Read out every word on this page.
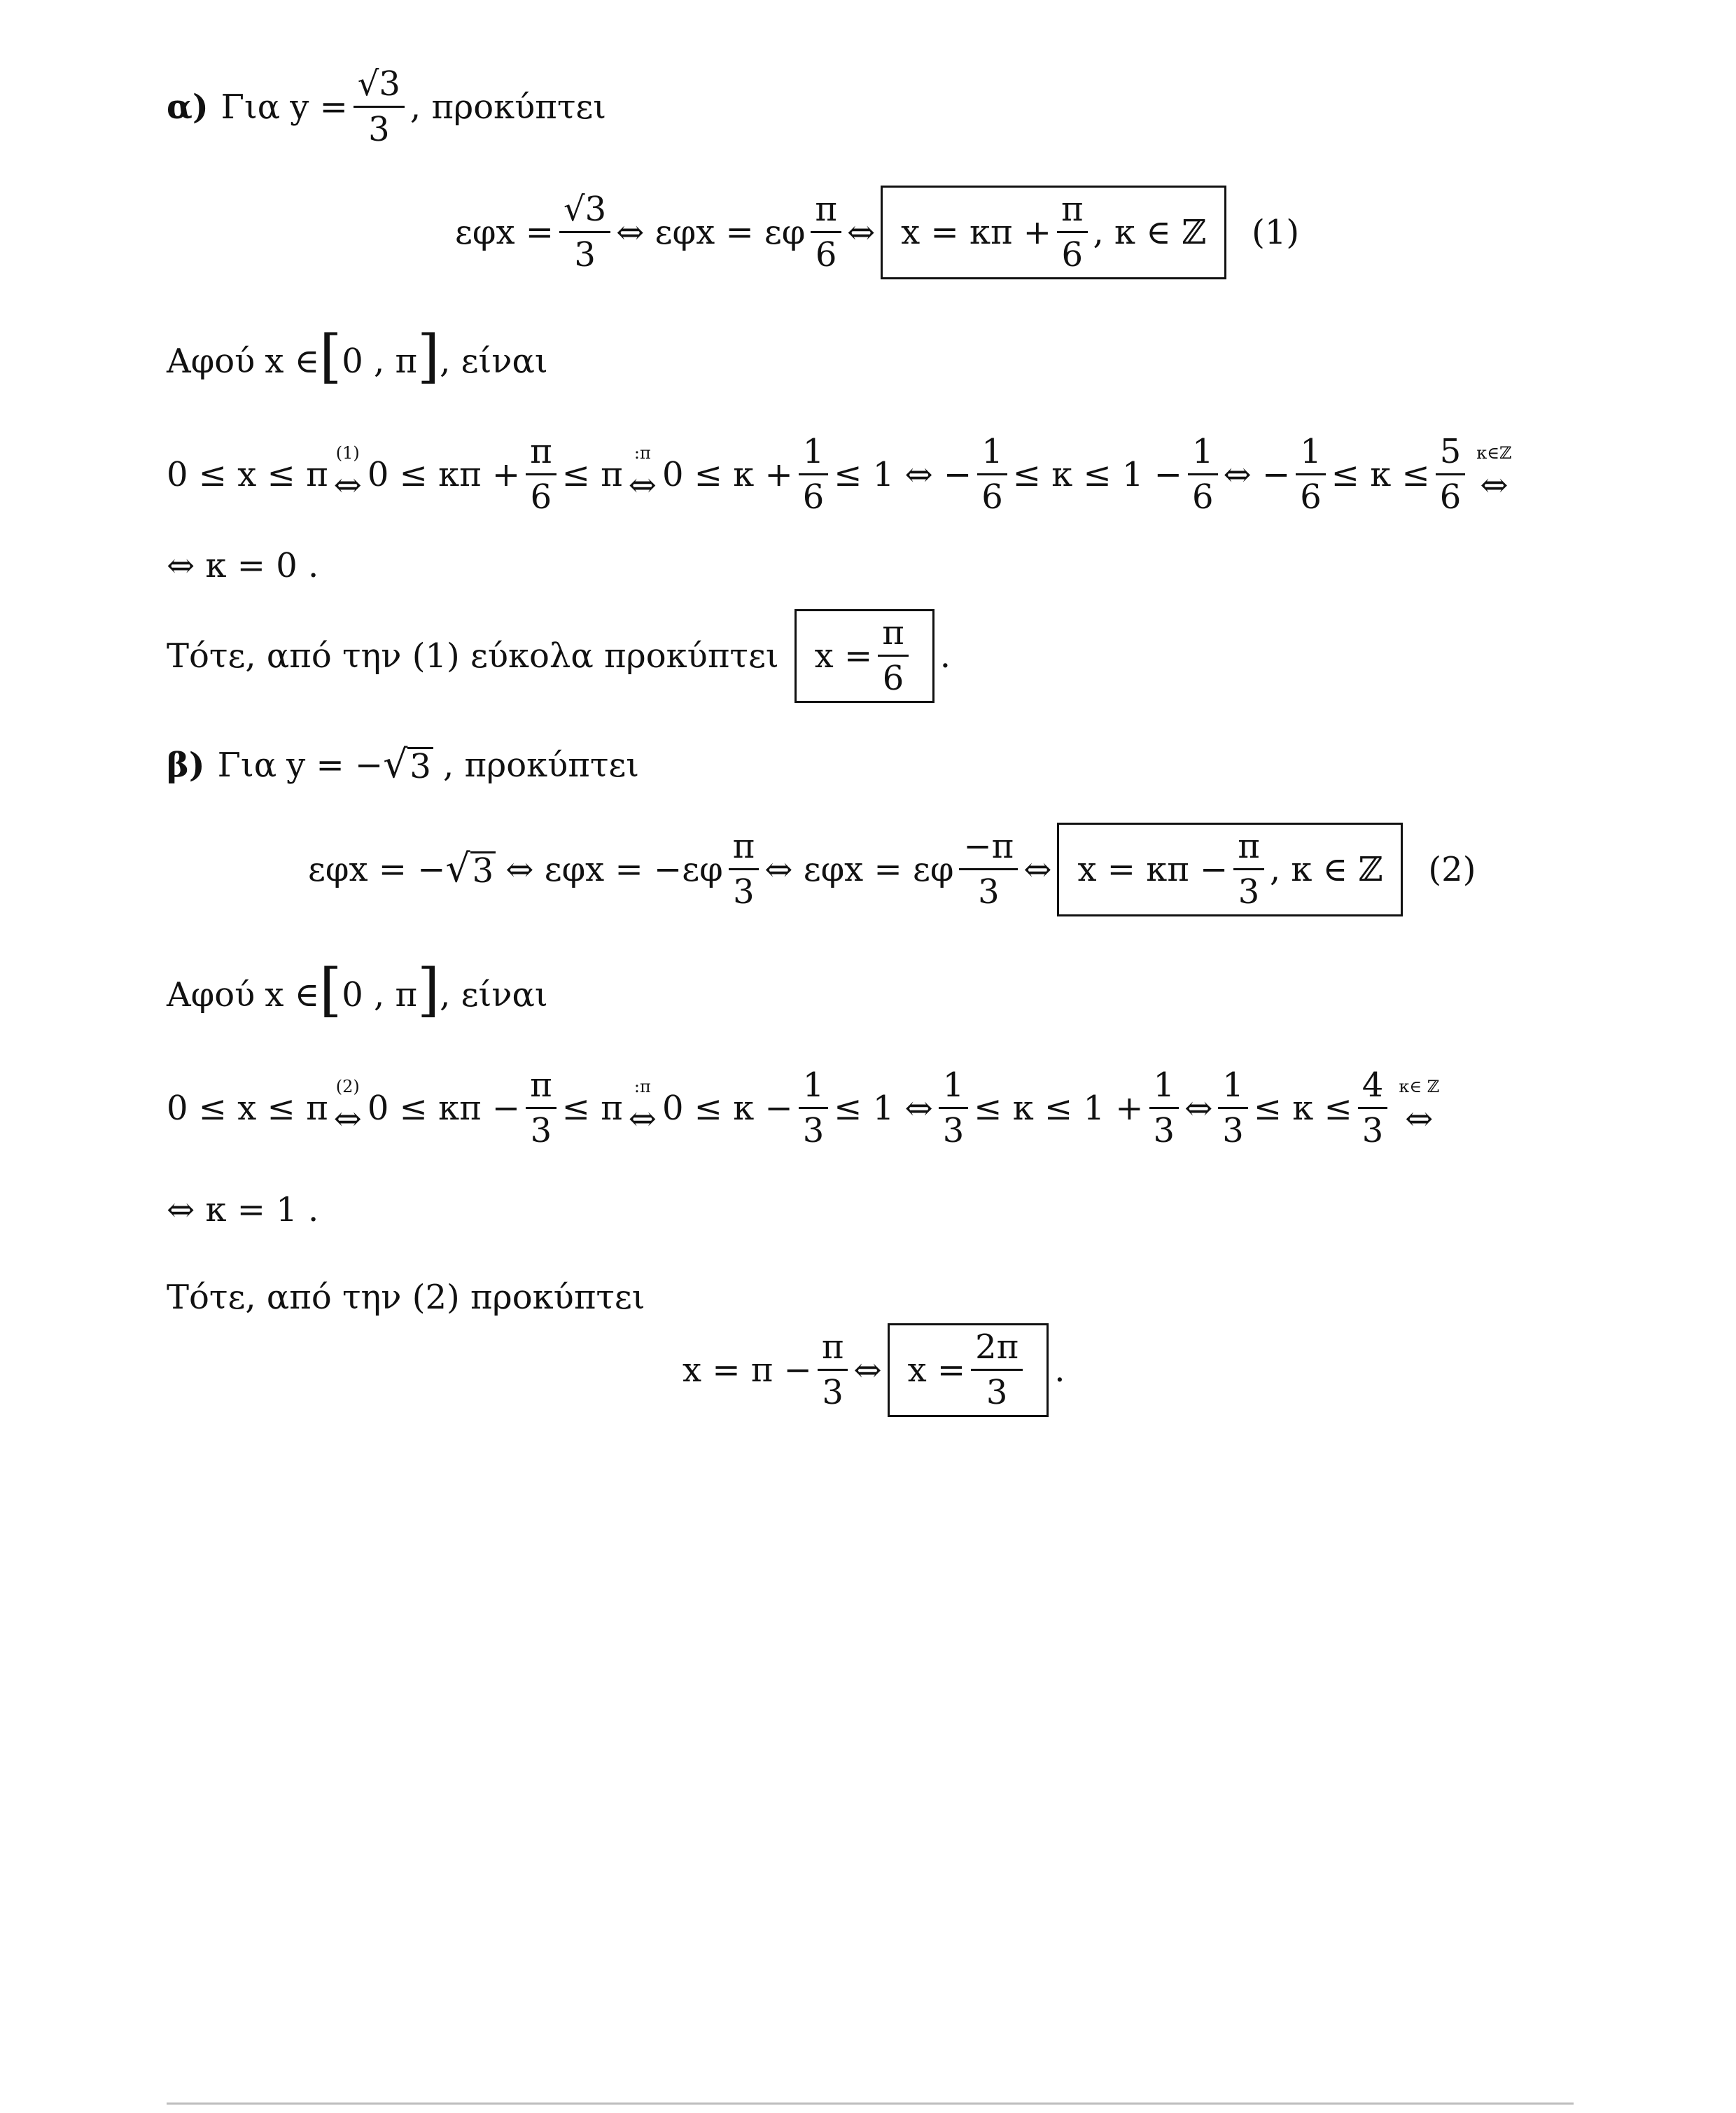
α) Για $y = \frac{√3}{3}$ , προκύπτει
$\varepsilon\varphi x = \frac{√3}{3}$ ⇔ εφx = εφ $\frac{\pi}{6}$ ⇔ $x = \kappa\pi + \frac{\pi}{6}$ , κ ∈ ℤ (1)
Αφού x ∈ [ 0 , π ] , είναι
0 ≤ x ≤ π
(1)
⇔ $0 \le \kappa\pi + \frac{\pi}{6} \le \pi$
:π
⇔ $0 \le \kappa + \frac{1}{6} \le 1$ ⇔ − $\frac{1}{6} \le \kappa \le 1 - \frac{1}{6}$ ⇔ − $\frac{1}{6} \le \kappa \le \frac{5}{6}$ κ∈ℤ
⇔
⇔ κ = 0 .
Τότε, από την (1) εύκολα προκύπτει $x = \frac{\pi}{6}$ .
β) Για y = − √ 3 , προκύπτει
εφx = − √ 3 ⇔ $\varepsilon\varphi x = -\varepsilon\varphi \frac{\pi}{3}$ ⇔ εφx = εφ $\frac{-\pi}{3}$ ⇔ $x = \kappa\pi - \frac{\pi}{3}$ , κ ∈ ℤ (2)
Αφού x ∈ [ 0 , π ] , είναι
0 ≤ x ≤ π
(2)
⇔ $0 \le \kappa\pi - \frac{\pi}{3} \le \pi$
:π
⇔ $0 \le \kappa - \frac{1}{3} \le 1$ ⇔ $\frac{1}{3} \le \kappa \le 1 + \frac{1}{3}$ ⇔ $\frac{1}{3} \le \kappa \le \frac{4}{3}$ κ∈ ℤ
⇔
⇔ κ = 1 .
Τότε, από την (2) προκύπτει
$x = \pi - \frac{\pi}{3}$ ⇔ $x = \frac{2\pi}{3}$ .
